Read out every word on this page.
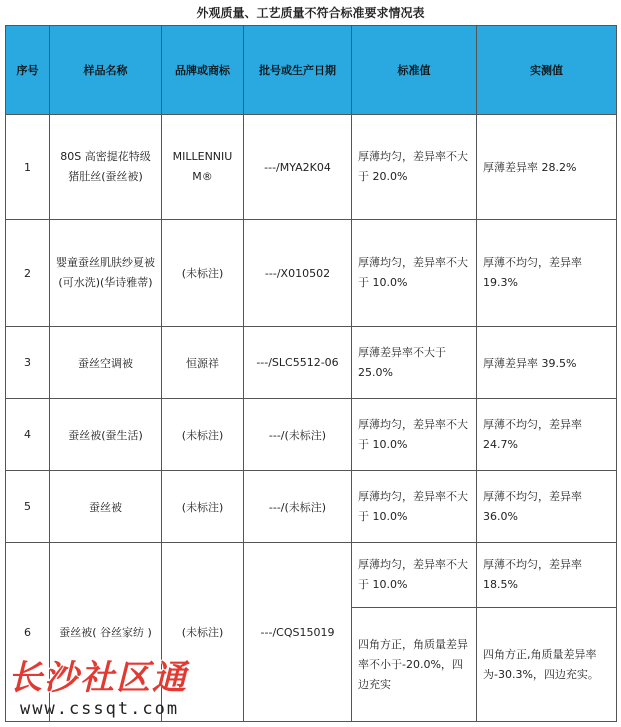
外观质量、工艺质量不符合标准要求情况表
序号	样品名称	品牌或商标	批号或生产日期	标准值	实测值
1	80S 高密提花特级猪肚丝(蚕丝被)	MILLENNIUM®	---/MYA2K04	厚薄均匀，差异率不大于 20.0%	厚薄差异率 28.2%
2	婴童蚕丝肌肤纱夏被(可水洗)(华诗雅蒂)	(未标注)	---/X010502	厚薄均匀，差异率不大于 10.0%	厚薄不均匀，差异率 19.3%
3	蚕丝空调被	恒源祥	---/SLC5512-06	厚薄差异率不大于 25.0%	厚薄差异率 39.5%
4	蚕丝被(蚕生活)	(未标注)	---/(未标注)	厚薄均匀，差异率不大于 10.0%	厚薄不均匀，差异率 24.7%
5	蚕丝被	(未标注)	---/(未标注)	厚薄均匀，差异率不大于 10.0%	厚薄不均匀，差异率 36.0%
6	蚕丝被( 谷丝家纺 )	(未标注)	---/CQS15019	厚薄均匀，差异率不大于 10.0%	厚薄不均匀，差异率 18.5%
				四角方正，角质量差异率不小于-20.0%，四边充实	四角方正,角质量差异率为-30.3%，四边充实。
长沙社区通
www.cssqt.com
